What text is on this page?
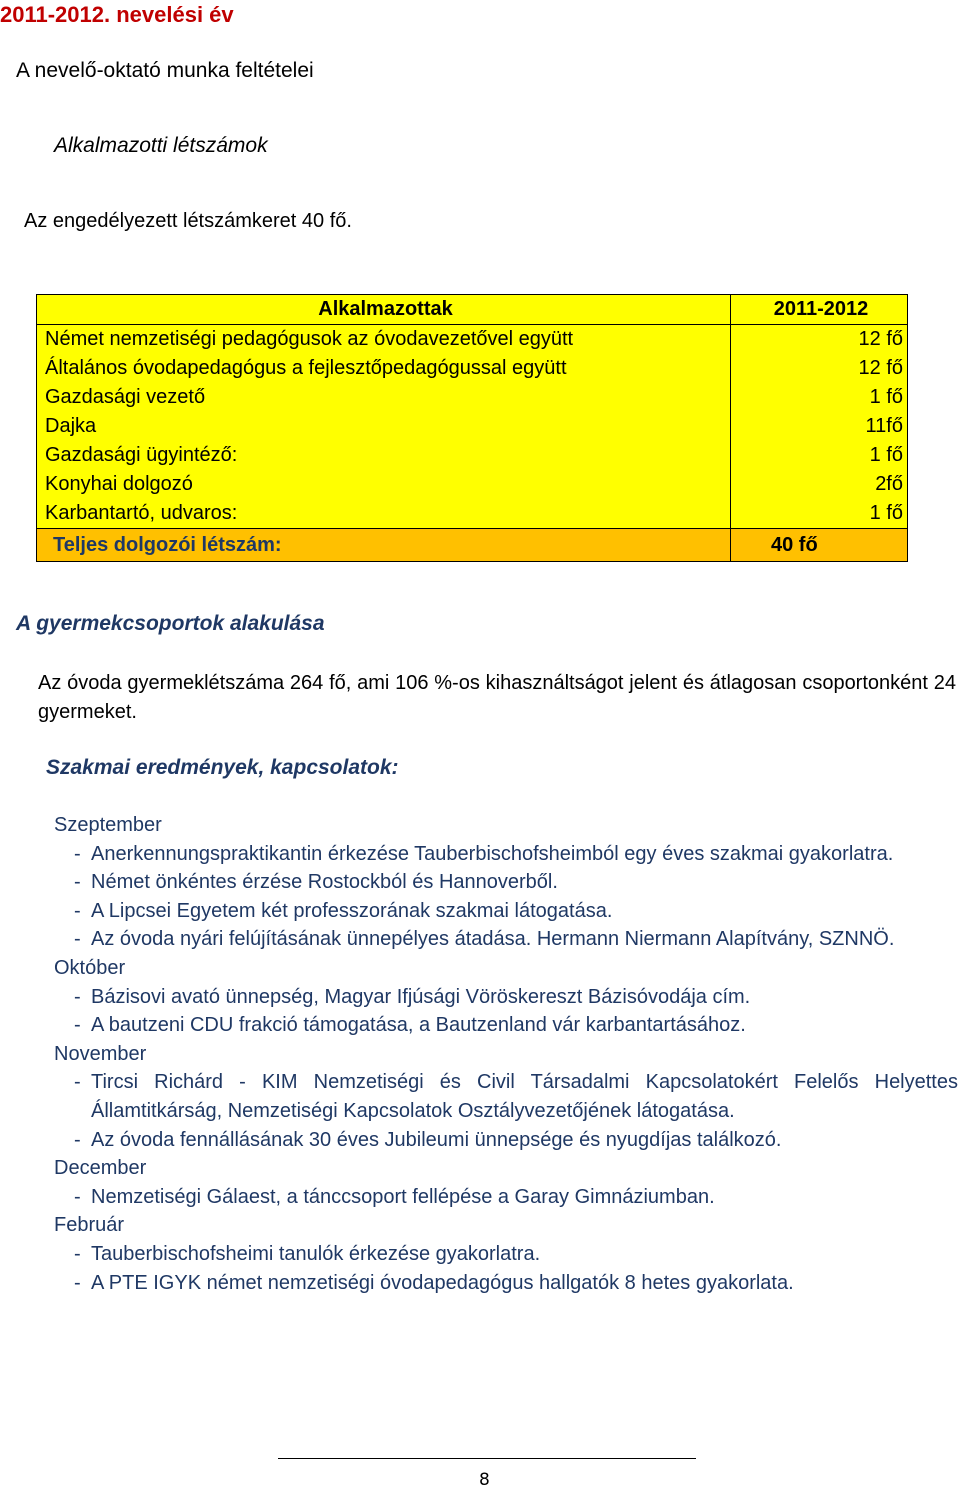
2011-2012. nevelési év
A nevelő-oktató munka feltételei
Alkalmazotti létszámok
Az engedélyezett létszámkeret 40 fő.
Alkalmazottak	2011-2012
Német nemzetiségi pedagógusok az óvodavezetővel együtt	12 fő
Általános óvodapedagógus a fejlesztőpedagógussal együtt	12 fő
Gazdasági vezető	1 fő
Dajka	11fő
Gazdasági ügyintéző:	1 fő
Konyhai dolgozó	2fő
Karbantartó, udvaros:	1 fő
Teljes dolgozói létszám:	40 fő
A gyermekcsoportok alakulása
Az óvoda gyermeklétszáma 264 fő, ami 106 %-os kihasználtságot jelent és átlagosan csoportonként 24 gyermeket.
Szakmai eredmények, kapcsolatok:
Szeptember
- Anerkennungspraktikantin érkezése Tauberbischofsheimból egy éves szakmai gyakorlatra.
- Német önkéntes érzése Rostockból és Hannoverből.
- A Lipcsei Egyetem két professzorának szakmai látogatása.
- Az óvoda nyári felújításának ünnepélyes átadása. Hermann Niermann Alapítvány, SZNNÖ.
Október
- Bázisovi avató ünnepség, Magyar Ifjúsági Vöröskereszt Bázisóvodája cím.
- A bautzeni CDU frakció támogatása, a Bautzenland vár karbantartásához.
November
- Tircsi Richárd - KIM Nemzetiségi és Civil Társadalmi Kapcsolatokért Felelős Helyettes Államtitkárság, Nemzetiségi Kapcsolatok Osztályvezetőjének látogatása.
- Az óvoda fennállásának 30 éves Jubileumi ünnepsége és nyugdíjas találkozó.
December
- Nemzetiségi Gálaest, a tánccsoport fellépése a Garay Gimnáziumban.
Február
- Tauberbischofsheimi tanulók érkezése gyakorlatra.
- A PTE IGYK német nemzetiségi óvodapedagógus hallgatók 8 hetes gyakorlata.
8
